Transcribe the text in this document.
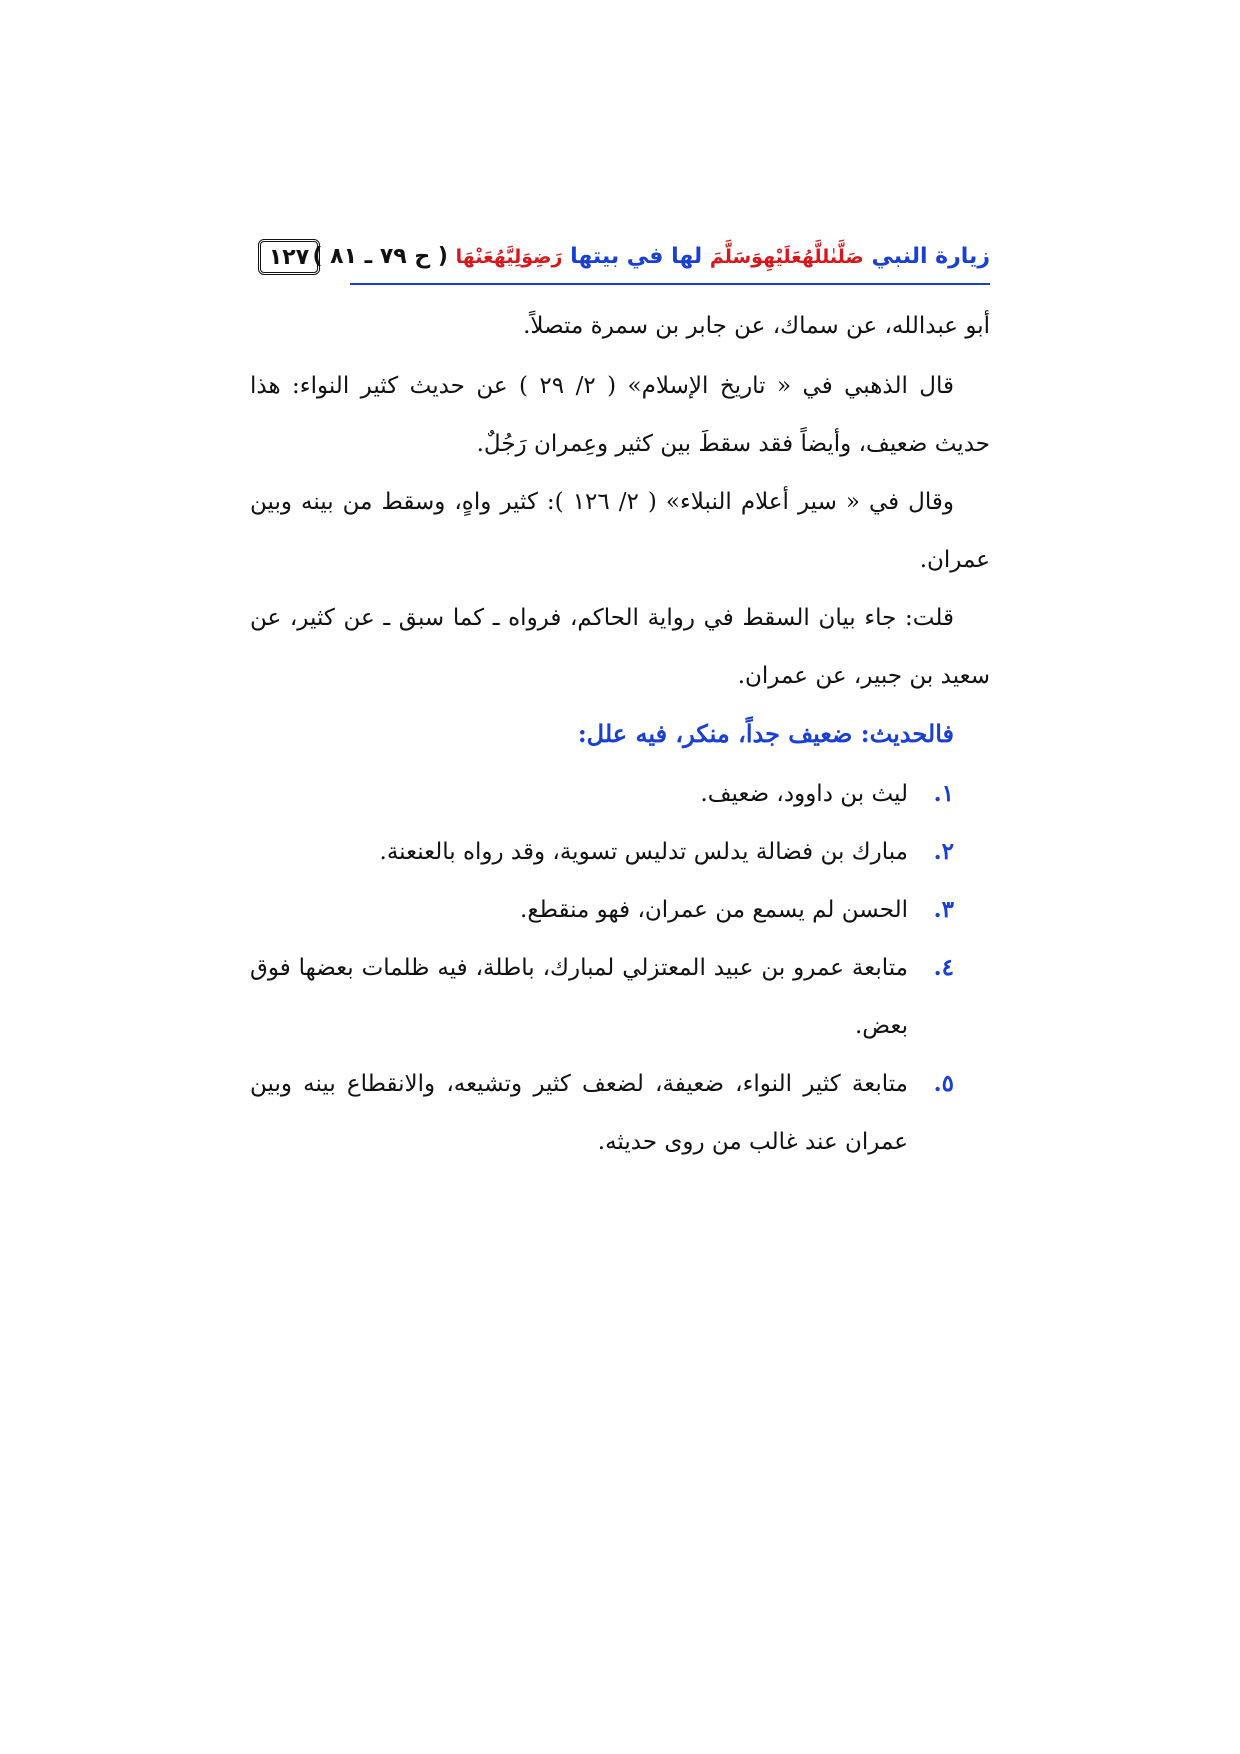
١٢٧	زيارة النبي صَلَّىٰللَّهُعَلَيْهِوَسَلَّمَ لها في بيتها رَضِوَلِيَّهُعَنْهَا ( ح ٧٩ ـ ٨١ )

أبو عبدالله، عن سماك، عن جابر بن سمرة متصلاً.

قال الذهبي في « تاريخ الإسلام» ( ٢/ ٢٩ ) عن حديث كثير النواء: هذا حديث ضعيف، وأيضاً فقد سقطَ بين كثير وعِمران رَجُلٌ.

وقال في « سير أعلام النبلاء» ( ٢/ ١٢٦ ): كثير واهٍ، وسقط من بينه وبين عمران.

قلت: جاء بيان السقط في رواية الحاكم، فرواه ـ كما سبق ـ عن كثير، عن سعيد بن جبير، عن عمران.

فالحديث: ضعيف جداً، منكر، فيه علل:

١.
ليث بن داوود، ضعيف.
٢.
مبارك بن فضالة يدلس تدليس تسوية، وقد رواه بالعنعنة.
٣.
الحسن لم يسمع من عمران، فهو منقطع.
٤.
متابعة عمرو بن عبيد المعتزلي لمبارك، باطلة، فيه ظلمات بعضها فوق بعض.
٥.
متابعة كثير النواء، ضعيفة، لضعف كثير وتشيعه، والانقطاع بينه وبين عمران عند غالب من روى حديثه.
